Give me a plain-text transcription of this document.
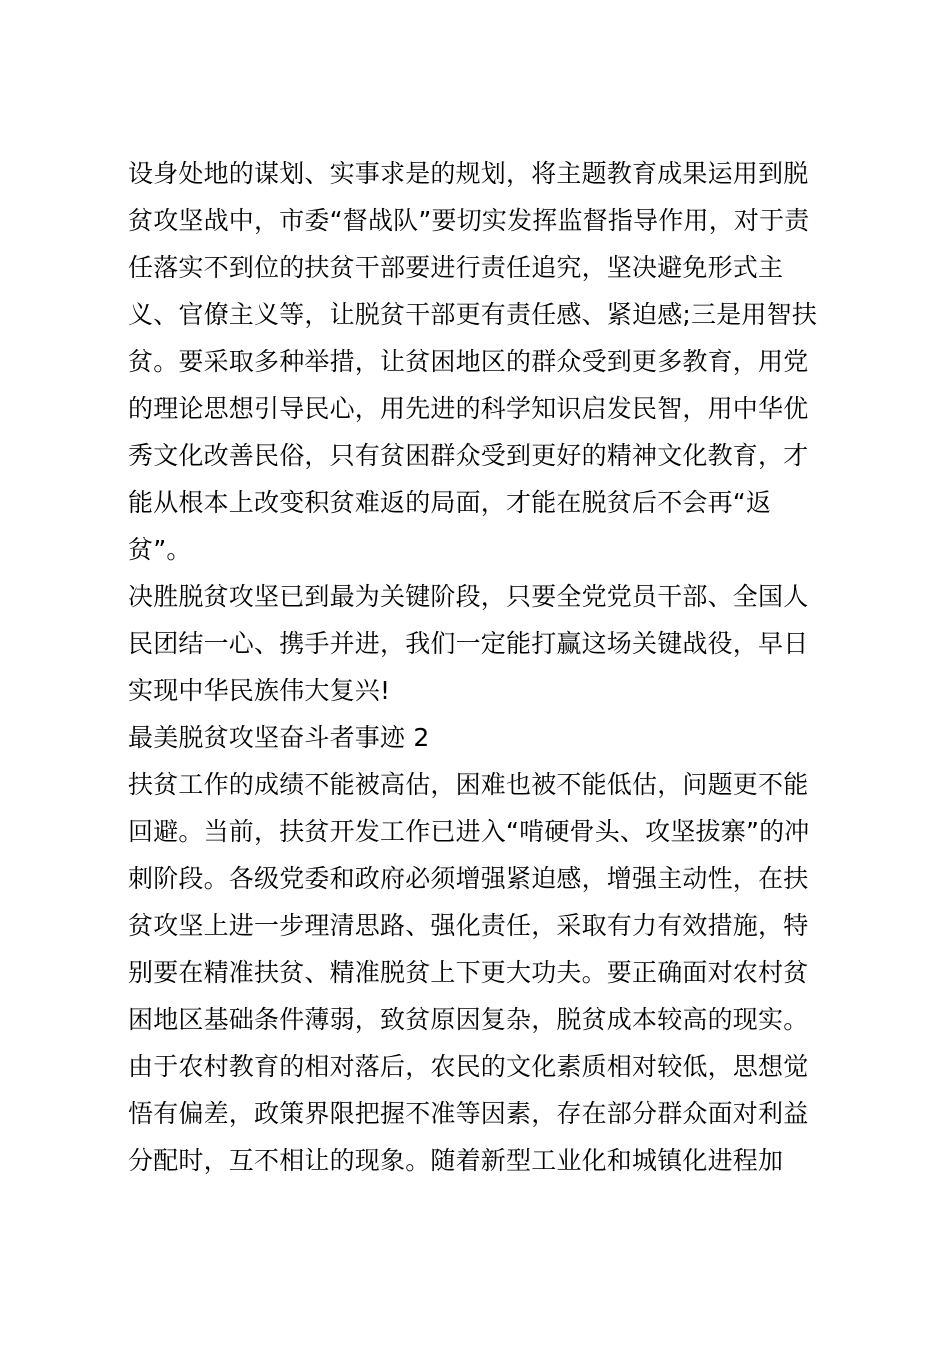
设身处地的谋划、实事求是的规划，将主题教育成果运用到脱
贫攻坚战中，市委“督战队”要切实发挥监督指导作用，对于责
任落实不到位的扶贫干部要进行责任追究，坚决避免形式主
义、官僚主义等，让脱贫干部更有责任感、紧迫感;三是用智扶
贫。要采取多种举措，让贫困地区的群众受到更多教育，用党
的理论思想引导民心，用先进的科学知识启发民智，用中华优
秀文化改善民俗，只有贫困群众受到更好的精神文化教育，才
能从根本上改变积贫难返的局面，才能在脱贫后不会再“返
贫”。
决胜脱贫攻坚已到最为关键阶段，只要全党党员干部、全国人
民团结一心、携手并进，我们一定能打赢这场关键战役，早日
实现中华民族伟大复兴!
最美脱贫攻坚奋斗者事迹 2
扶贫工作的成绩不能被高估，困难也被不能低估，问题更不能
回避。当前，扶贫开发工作已进入“啃硬骨头、攻坚拔寨”的冲
刺阶段。各级党委和政府必须增强紧迫感，增强主动性，在扶
贫攻坚上进一步理清思路、强化责任，采取有力有效措施，特
别要在精准扶贫、精准脱贫上下更大功夫。要正确面对农村贫
困地区基础条件薄弱，致贫原因复杂，脱贫成本较高的现实。
由于农村教育的相对落后，农民的文化素质相对较低，思想觉
悟有偏差，政策界限把握不准等因素，存在部分群众面对利益
分配时，互不相让的现象。随着新型工业化和城镇化进程加
